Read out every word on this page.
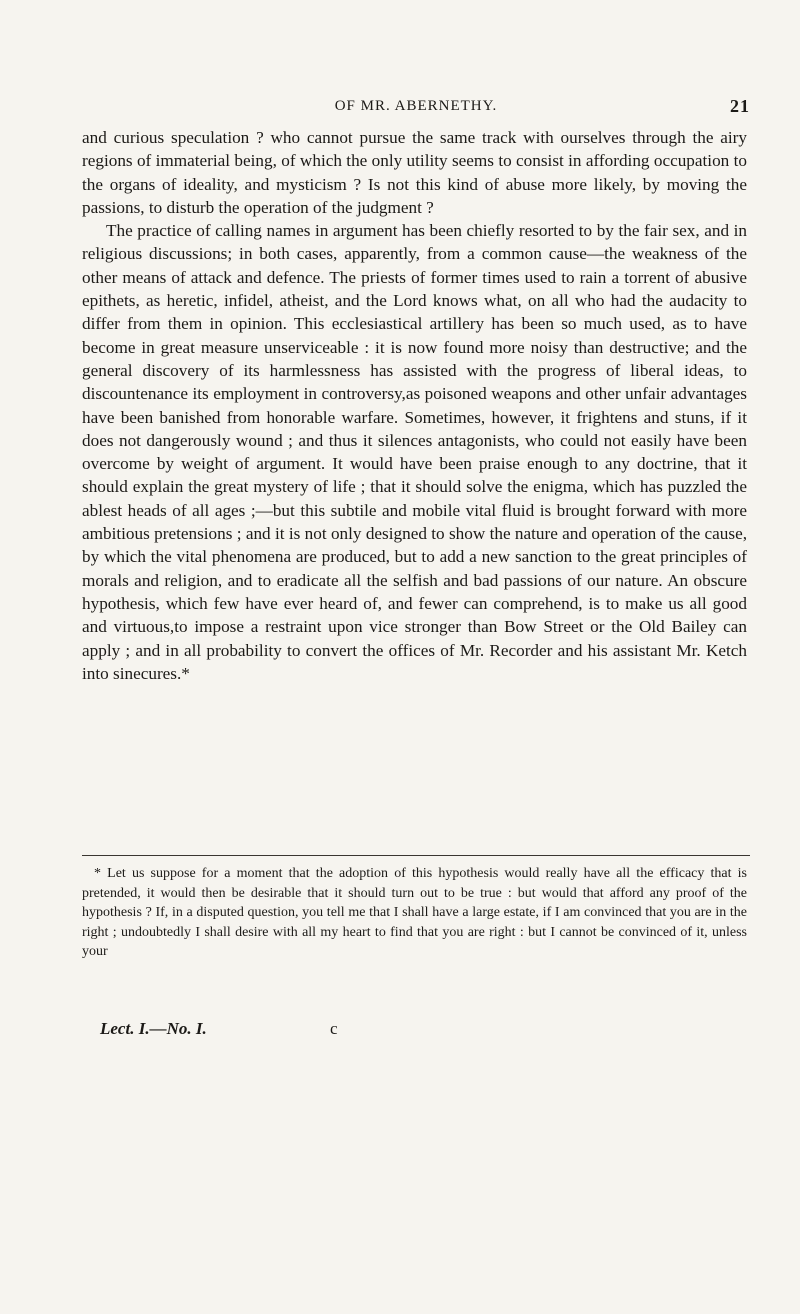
OF MR. ABERNETHY.	21

and curious speculation ? who cannot pursue the same track with ourselves through the airy regions of immaterial being, of which the only utility seems to consist in affording occupation to the organs of ideality, and mysticism ? Is not this kind of abuse more likely, by moving the passions, to disturb the operation of the judgment ?

The practice of calling names in argument has been chiefly resorted to by the fair sex, and in religious discussions; in both cases, apparently, from a common cause—the weakness of the other means of attack and defence. The priests of former times used to rain a torrent of abusive epithets, as heretic, infidel, atheist, and the Lord knows what, on all who had the audacity to differ from them in opinion. This ecclesiastical artillery has been so much used, as to have become in great measure unserviceable : it is now found more noisy than destructive; and the general discovery of its harmlessness has assisted with the progress of liberal ideas, to discountenance its employment in controversy,as poisoned weapons and other unfair advantages have been banished from honorable warfare. Sometimes, however, it frightens and stuns, if it does not dangerously wound ; and thus it silences antagonists, who could not easily have been overcome by weight of argument. It would have been praise enough to any doctrine, that it should explain the great mystery of life ; that it should solve the enigma, which has puzzled the ablest heads of all ages ;—but this subtile and mobile vital fluid is brought forward with more ambitious pretensions ; and it is not only designed to show the nature and operation of the cause, by which the vital phenomena are produced, but to add a new sanction to the great principles of morals and religion, and to eradicate all the selfish and bad passions of our nature. An obscure hypothesis, which few have ever heard of, and fewer can comprehend, is to make us all good and virtuous,to impose a restraint upon vice stronger than Bow Street or the Old Bailey can apply ; and in all probability to convert the offices of Mr. Recorder and his assistant Mr. Ketch into sinecures.*

* Let us suppose for a moment that the adoption of this hypothesis would really have all the efficacy that is pretended, it would then be desirable that it should turn out to be true : but would that afford any proof of the hypothesis ? If, in a disputed question, you tell me that I shall have a large estate, if I am convinced that you are in the right ; undoubtedly I shall desire with all my heart to find that you are right : but I cannot be convinced of it, unless your

Lect. I.—No. I.	c
